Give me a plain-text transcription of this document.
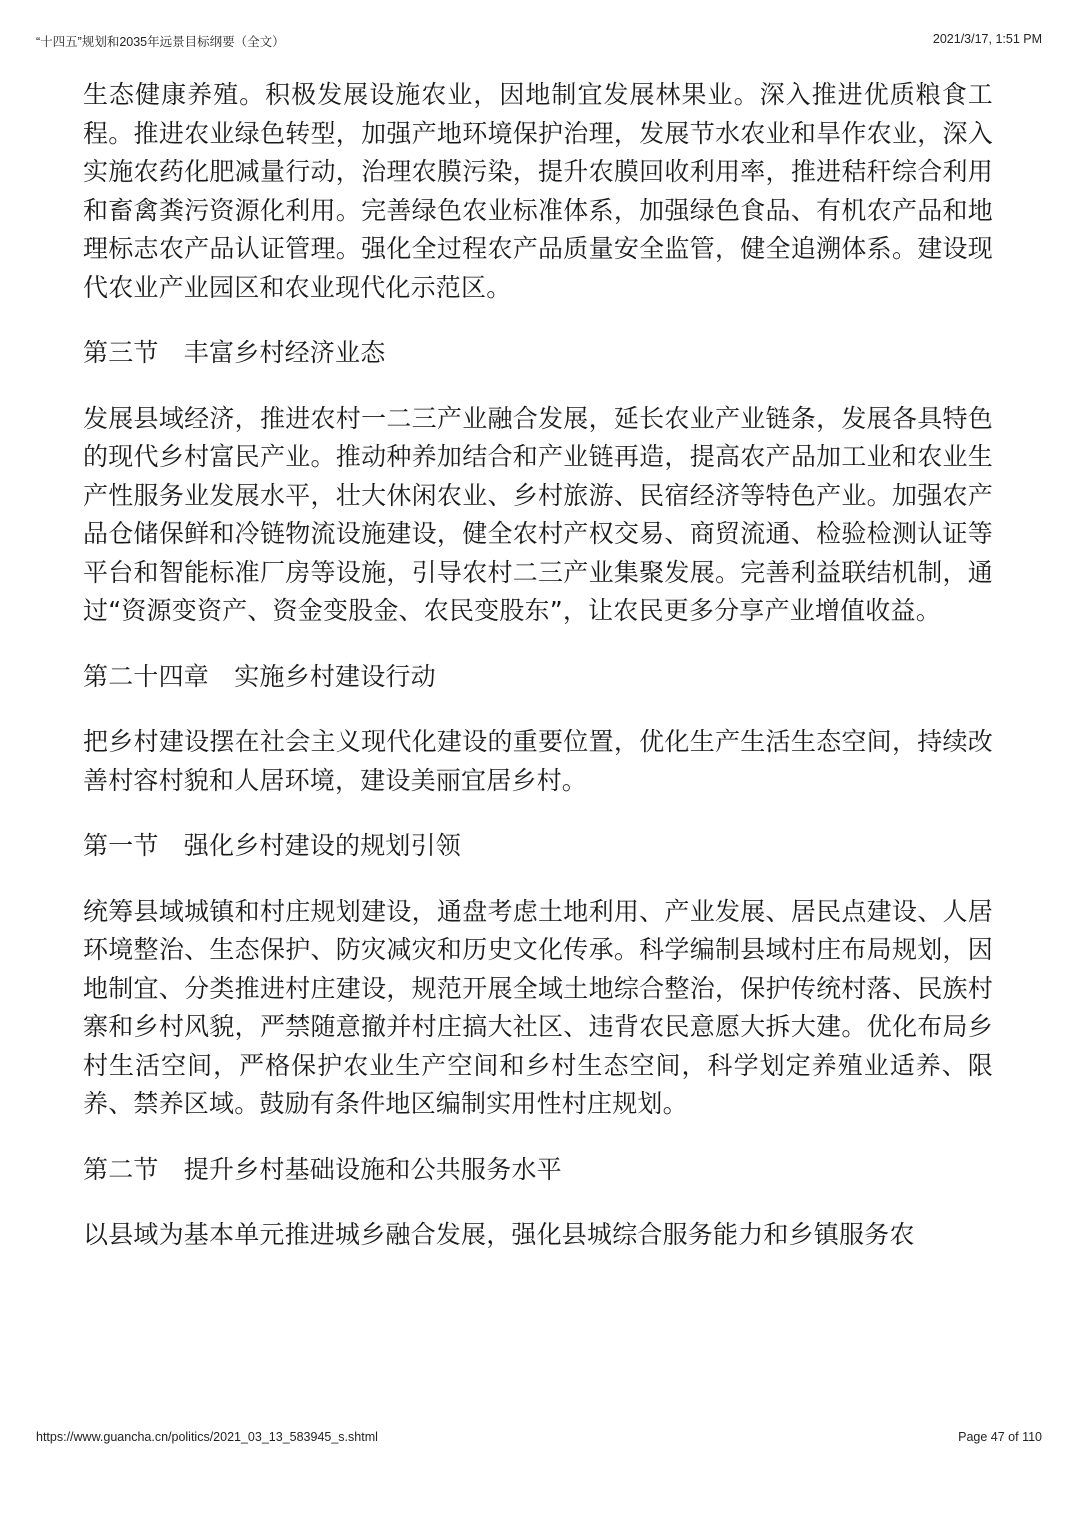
“十四五”规划和2035年远景目标纲要（全文）	2021/3/17, 1:51 PM

生态健康养殖。积极发展设施农业，因地制宜发展林果业。深入推进优质粮食工程。推进农业绿色转型，加强产地环境保护治理，发展节水农业和旱作农业，深入实施农药化肥减量行动，治理农膜污染，提升农膜回收利用率，推进秸秆综合利用和畜禽粪污资源化利用。完善绿色农业标准体系，加强绿色食品、有机农产品和地理标志农产品认证管理。强化全过程农产品质量安全监管，健全追溯体系。建设现代农业产业园区和农业现代化示范区。

第三节　丰富乡村经济业态

发展县域经济，推进农村一二三产业融合发展，延长农业产业链条，发展各具特色的现代乡村富民产业。推动种养加结合和产业链再造，提高农产品加工业和农业生产性服务业发展水平，壮大休闲农业、乡村旅游、民宿经济等特色产业。加强农产品仓储保鲜和冷链物流设施建设，健全农村产权交易、商贸流通、检验检测认证等平台和智能标准厂房等设施，引导农村二三产业集聚发展。完善利益联结机制，通过“资源变资产、资金变股金、农民变股东”，让农民更多分享产业增值收益。

第二十四章　实施乡村建设行动

把乡村建设摆在社会主义现代化建设的重要位置，优化生产生活生态空间，持续改善村容村貌和人居环境，建设美丽宜居乡村。

第一节　强化乡村建设的规划引领

统筹县域城镇和村庄规划建设，通盘考虑土地利用、产业发展、居民点建设、人居环境整治、生态保护、防灾减灾和历史文化传承。科学编制县域村庄布局规划，因地制宜、分类推进村庄建设，规范开展全域土地综合整治，保护传统村落、民族村寨和乡村风貌，严禁随意撤并村庄搞大社区、违背农民意愿大拆大建。优化布局乡村生活空间，严格保护农业生产空间和乡村生态空间，科学划定养殖业适养、限养、禁养区域。鼓励有条件地区编制实用性村庄规划。

第二节　提升乡村基础设施和公共服务水平

以县域为基本单元推进城乡融合发展，强化县城综合服务能力和乡镇服务农

https://www.guancha.cn/politics/2021_03_13_583945_s.shtml	Page 47 of 110
